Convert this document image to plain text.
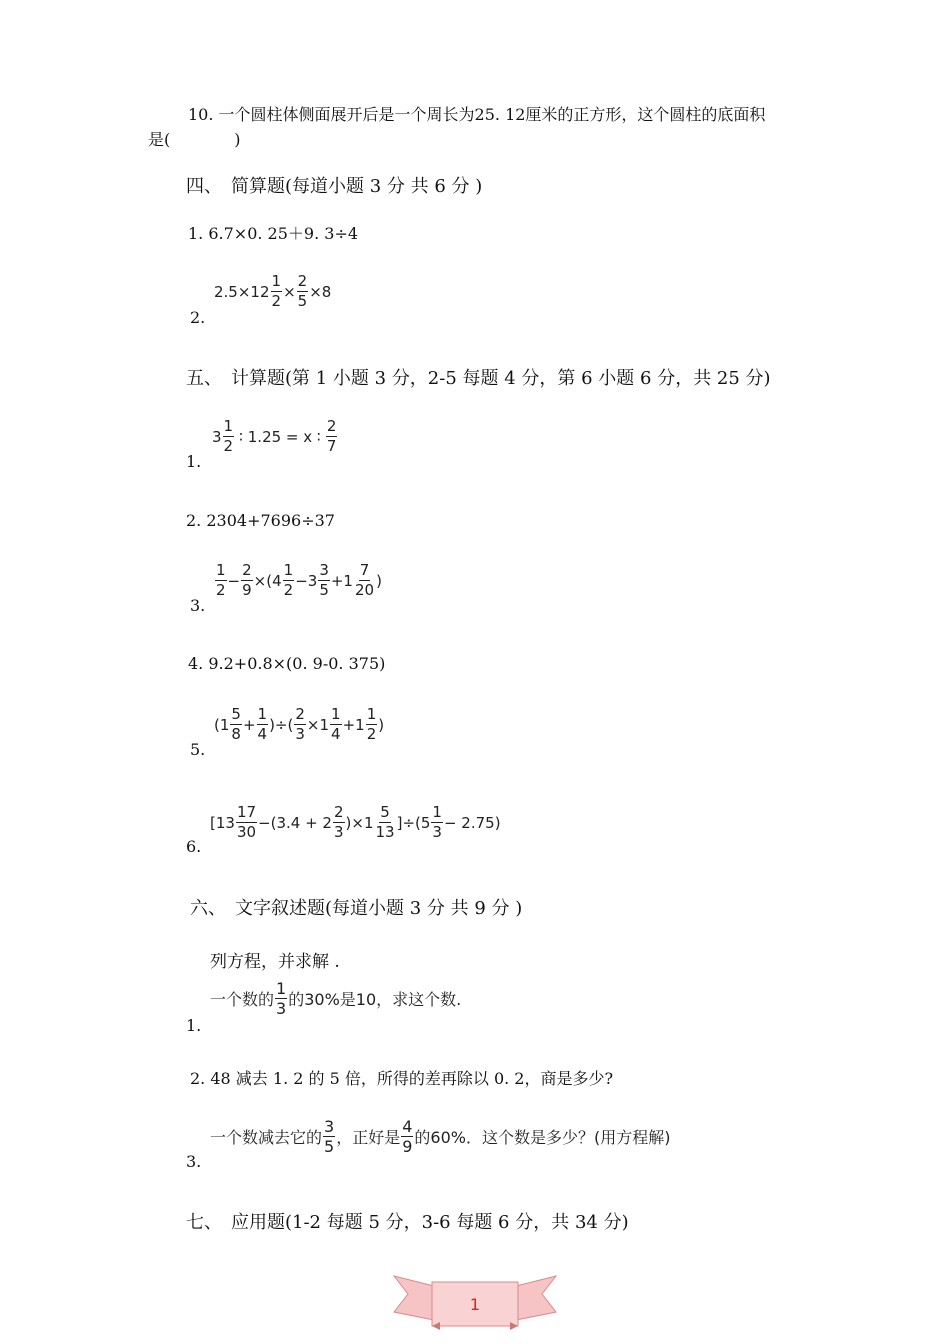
10. 一个圆柱体侧面展开后是一个周长为25. 12厘米的正方形，这个圆柱的底面积
是(　　　　)
四、　简算题(每道小题 3 分 共 6 分 )
1. 6.7×0. 25＋9. 3÷4
$2.5\times 12 \frac{1}{2} \times \frac{2}{5} \times 8$
2.
五、　计算题(第 1 小题 3 分，2-5 每题 4 分，第 6 小题 6 分，共 25 分)
3
1
2
∶ 1.25 = x ∶
2
7
1.
2. 2304+7696÷37
1
2
− $\frac{2}{9} \times(4$
1
2
−3
3
5
+1
7
20
)
3.
4. 9.2+0.8×(0. 9-0. 375)
(1
5
8
+ $\frac{1}{4}$ )÷( $\frac{2}{3} \times 1$
1
4
+1
1
2
)
5.
[13
17
30
−(3.4 + 2
2
3
)×1
5
13
]÷(5
1
3
− 2.75)
6.
六、　文字叙述题(每道小题 3 分 共 9 分 )
列方程，并求解 .
一个数的
1
3 的30%是10，求这个数.
1.
2. 48 减去 1. 2 的 5 倍，所得的差再除以 0. 2，商是多少?
一个数减去它的
3
5 ，正好是
4
9 的60%．这个数是多少？(用方程解)
3.
七、　应用题(1-2 每题 5 分，3-6 每题 6 分，共 34 分)
1
